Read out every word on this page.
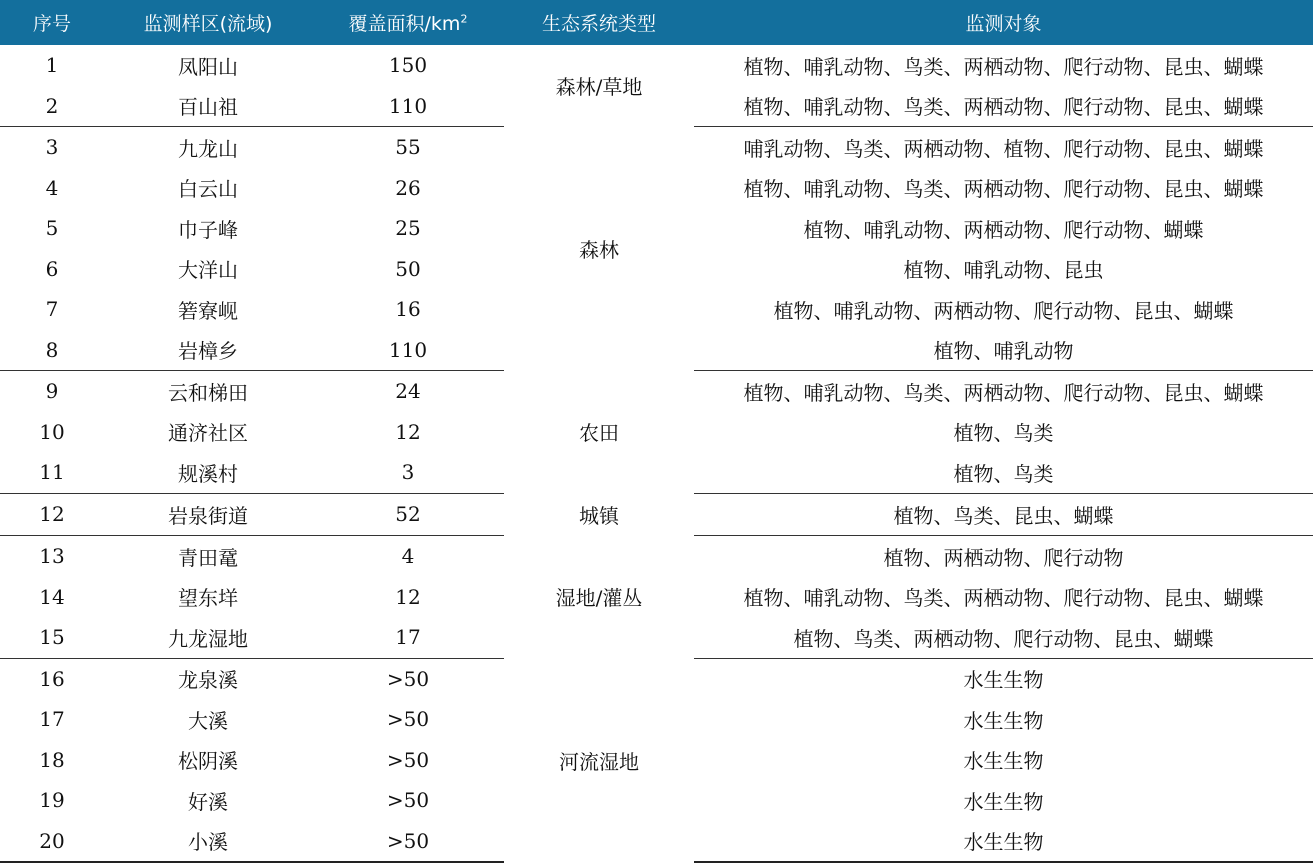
序号	监测样区(流域)	覆盖面积$/km^2$	生态系统类型	监测对象
1	凤阳山	150	森林/草地	植物、哺乳动物、鸟类、两栖动物、爬行动物、昆虫、蝴蝶
2	百山祖	110		植物、哺乳动物、鸟类、两栖动物、爬行动物、昆虫、蝴蝶
3	九龙山	55	森林	哺乳动物、鸟类、两栖动物、植物、爬行动物、昆虫、蝴蝶
4	白云山	26		植物、哺乳动物、鸟类、两栖动物、爬行动物、昆虫、蝴蝶
5	巾子峰	25		植物、哺乳动物、两栖动物、爬行动物、蝴蝶
6	大洋山	50		植物、哺乳动物、昆虫
7	箬寮岘	16		植物、哺乳动物、两栖动物、爬行动物、昆虫、蝴蝶
8	岩樟乡	110		植物、哺乳动物
9	云和梯田	24	农田	植物、哺乳动物、鸟类、两栖动物、爬行动物、昆虫、蝴蝶
10	通济社区	12		植物、鸟类
11	规溪村	3		植物、鸟类
12	岩泉街道	52	城镇	植物、鸟类、昆虫、蝴蝶
13	青田鼋	4	湿地/灌丛	植物、两栖动物、爬行动物
14	望东垟	12		植物、哺乳动物、鸟类、两栖动物、爬行动物、昆虫、蝴蝶
15	九龙湿地	17		植物、鸟类、两栖动物、爬行动物、昆虫、蝴蝶
16	龙泉溪	>50	河流湿地	水生生物
17	大溪	>50		水生生物
18	松阴溪	>50		水生生物
19	好溪	>50		水生生物
20	小溪	>50		水生生物
